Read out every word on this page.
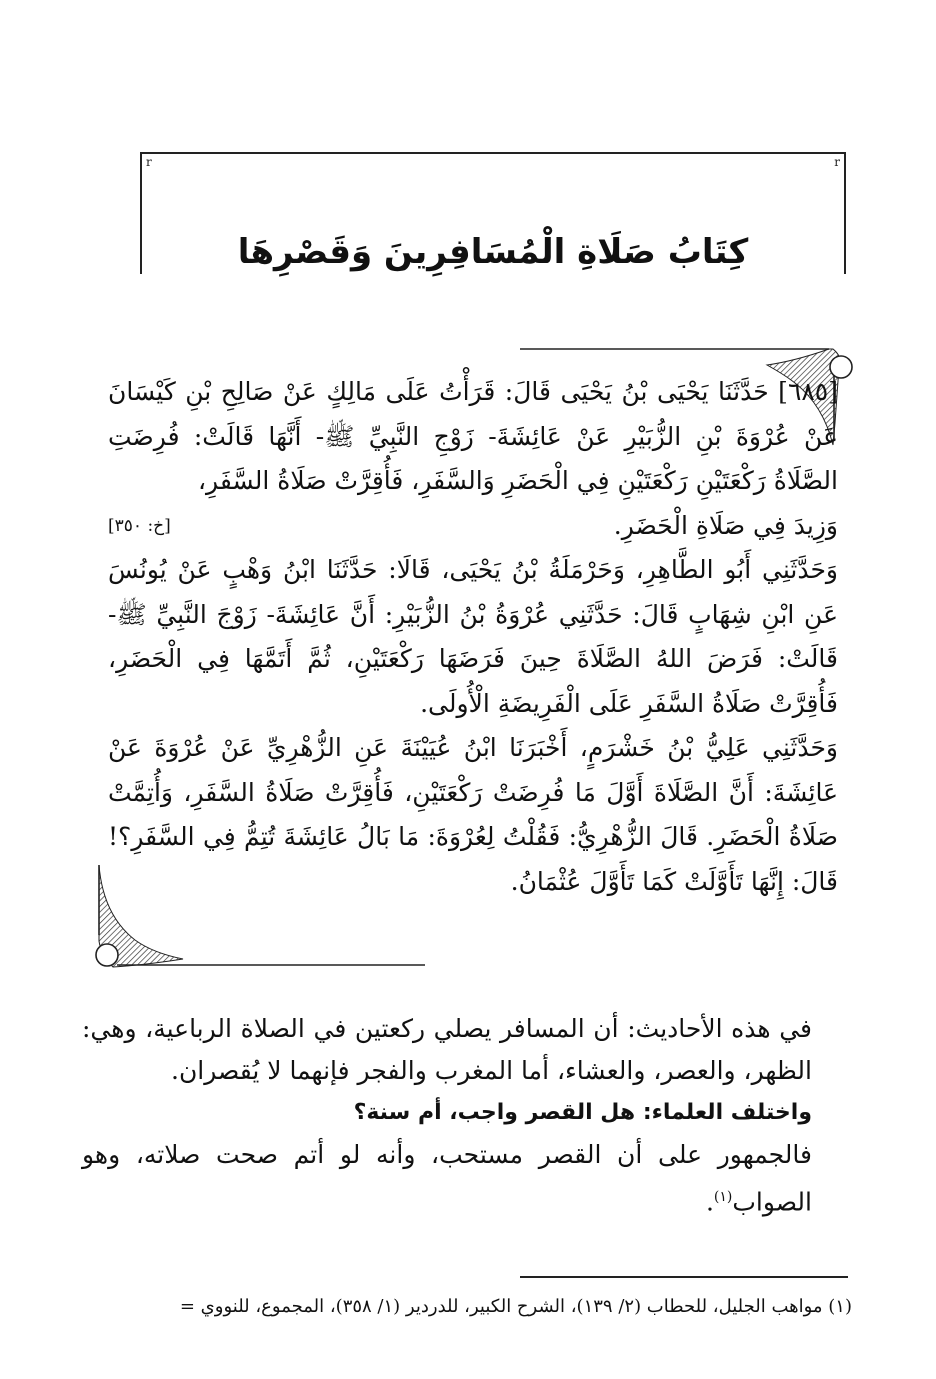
r	r
كِتَابُ صَلَاةِ الْمُسَافِرِينَ وَقَصْرِهَا

[٦٨٥] حَدَّثَنَا يَحْيَى بْنُ يَحْيَى قَالَ: قَرَأْتُ عَلَى مَالِكٍ عَنْ صَالِحِ بْنِ كَيْسَانَ عَنْ عُرْوَةَ بْنِ الزُّبَيْرِ عَنْ عَائِشَةَ- زَوْجِ النَّبِيِّ ﷺ- أَنَّهَا قَالَتْ: فُرِضَتِ الصَّلَاةُ رَكْعَتَيْنِ رَكْعَتَيْنِ فِي الْحَضَرِ وَالسَّفَرِ، فَأُقِرَّتْ صَلَاةُ السَّفَرِ،

وَزِيدَ فِي صَلَاةِ الْحَضَرِ.
[خ: ٣٥٠]

وَحَدَّثَنِي أَبُو الطَّاهِرِ، وَحَرْمَلَةُ بْنُ يَحْيَى، قَالَا: حَدَّثَنَا ابْنُ وَهْبٍ عَنْ يُونُسَ عَنِ ابْنِ شِهَابٍ قَالَ: حَدَّثَنِي عُرْوَةُ بْنُ الزُّبَيْرِ: أَنَّ عَائِشَةَ- زَوْجَ النَّبِيِّ ﷺ- قَالَتْ: فَرَضَ اللهُ الصَّلَاةَ حِينَ فَرَضَهَا رَكْعَتَيْنِ، ثُمَّ أَتَمَّهَا فِي الْحَضَرِ، فَأُقِرَّتْ صَلَاةُ السَّفَرِ عَلَى الْفَرِيضَةِ الْأُولَى.

وَحَدَّثَنِي عَلِيُّ بْنُ خَشْرَمٍ، أَخْبَرَنَا ابْنُ عُيَيْنَةَ عَنِ الزُّهْرِيِّ عَنْ عُرْوَةَ عَنْ عَائِشَةَ: أَنَّ الصَّلَاةَ أَوَّلَ مَا فُرِضَتْ رَكْعَتَيْنِ، فَأُقِرَّتْ صَلَاةُ السَّفَرِ، وَأُتِمَّتْ صَلَاةُ الْحَضَرِ. قَالَ الزُّهْرِيُّ: فَقُلْتُ لِعُرْوَةَ: مَا بَالُ عَائِشَةَ تُتِمُّ فِي السَّفَرِ؟! قَالَ: إِنَّهَا تَأَوَّلَتْ كَمَا تَأَوَّلَ عُثْمَانُ.

في هذه الأحاديث: أن المسافر يصلي ركعتين في الصلاة الرباعية، وهي: الظهر، والعصر، والعشاء، أما المغرب والفجر فإنهما لا يُقصران.

واختلف العلماء: هل القصر واجب، أم سنة؟

فالجمهور على أن القصر مستحب، وأنه لو أتم صحت صلاته، وهو الصواب$^{(١)}$.

(١) مواهب الجليل، للحطاب (٢/ ١٣٩)، الشرح الكبير، للدردير (١/ ٣٥٨)، المجموع، للنووي =
